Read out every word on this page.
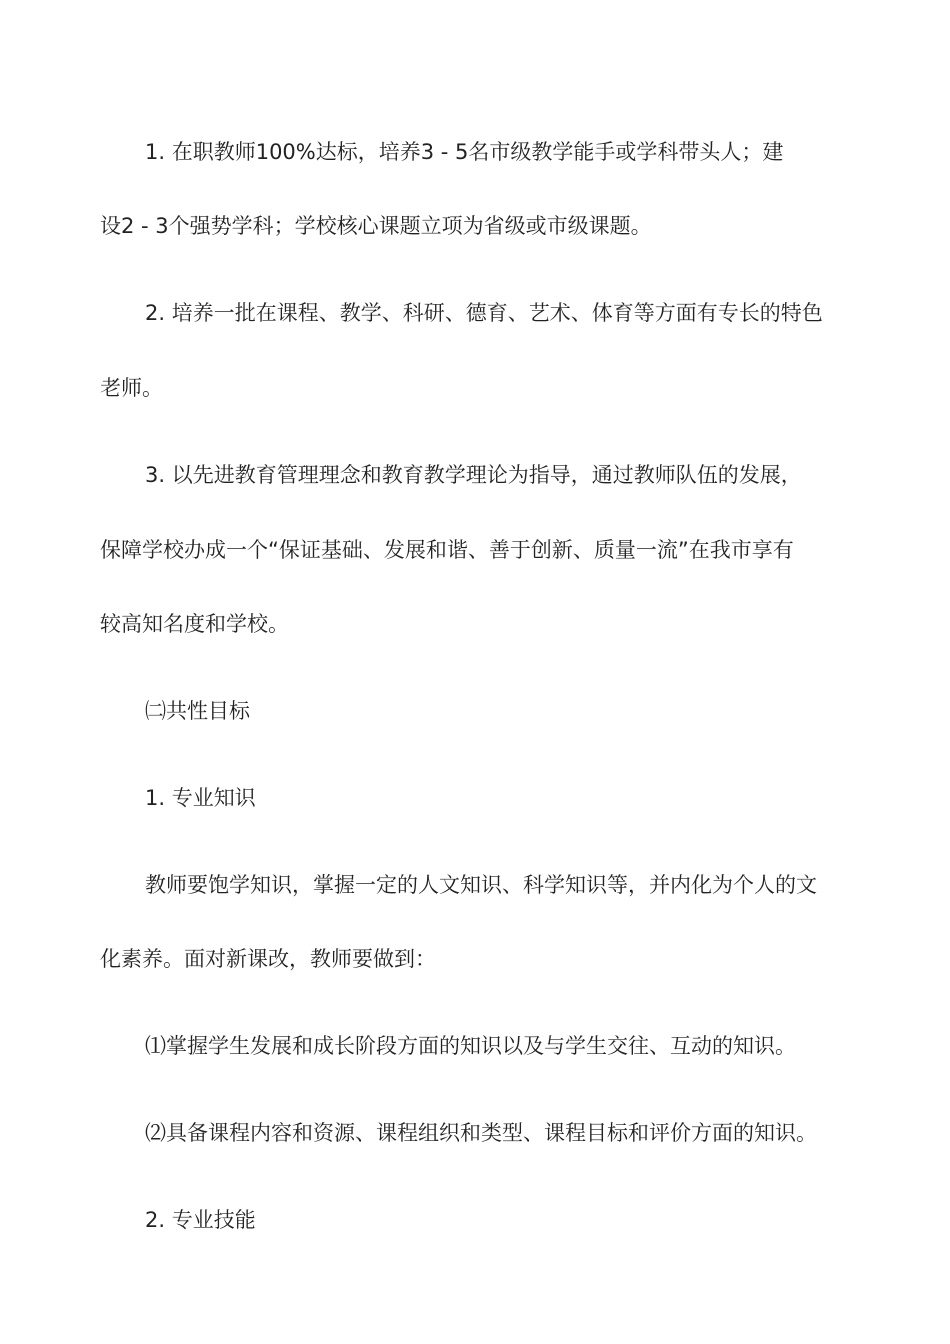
1. 在职教师100%达标，培养3 - 5名市级教学能手或学科带头人；建
设2 - 3个强势学科；学校核心课题立项为省级或市级课题。
2. 培养一批在课程、教学、科研、德育、艺术、体育等方面有专长的特色
老师。
3. 以先进教育管理理念和教育教学理论为指导，通过教师队伍的发展，
保障学校办成一个“保证基础、发展和谐、善于创新、质量一流”在我市享有
较高知名度和学校。
㈡共性目标
1. 专业知识
教师要饱学知识，掌握一定的人文知识、科学知识等，并内化为个人的文
化素养。面对新课改，教师要做到：
⑴掌握学生发展和成长阶段方面的知识以及与学生交往、互动的知识。
⑵具备课程内容和资源、课程组织和类型、课程目标和评价方面的知识。
2. 专业技能
